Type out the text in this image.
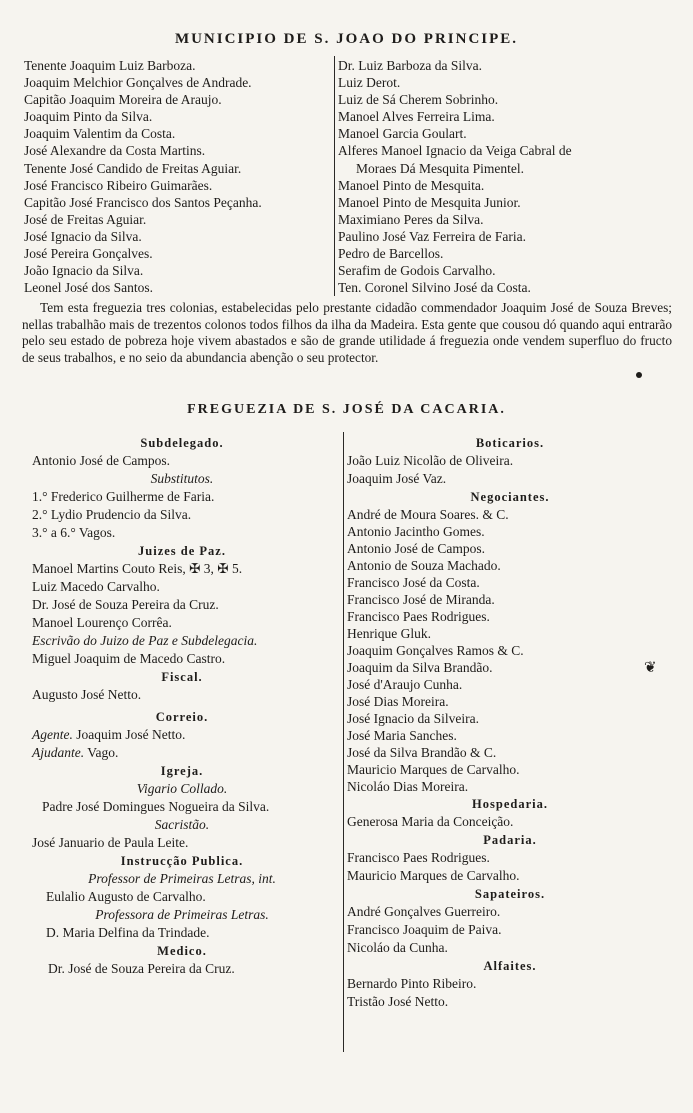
MUNICIPIO DE S. JOAO DO PRINCIPE.
Tenente Joaquim Luiz Barboza.
Joaquim Melchior Gonçalves de Andrade.
Capitão Joaquim Moreira de Araujo.
Joaquim Pinto da Silva.
Joaquim Valentim da Costa.
José Alexandre da Costa Martins.
Tenente José Candido de Freitas Aguiar.
José Francisco Ribeiro Guimarães.
Capitão José Francisco dos Santos Peçanha.
José de Freitas Aguiar.
José Ignacio da Silva.
José Pereira Gonçalves.
João Ignacio da Silva.
Leonel José dos Santos.
Dr. Luiz Barboza da Silva.
Luiz Derot.
Luiz de Sá Cherem Sobrinho.
Manoel Alves Ferreira Lima.
Manoel Garcia Goulart.
Alferes Manoel Ignacio da Veiga Cabral de
Moraes Dá Mesquita Pimentel.
Manoel Pinto de Mesquita.
Manoel Pinto de Mesquita Junior.
Maximiano Peres da Silva.
Paulino José Vaz Ferreira de Faria.
Pedro de Barcellos.
Serafim de Godois Carvalho.
Ten. Coronel Silvino José da Costa.

Tem esta freguezia tres colonias, estabelecidas pelo prestante cidadão commendador Joaquim José de Souza Breves; nellas trabalhão mais de trezentos colonos todos filhos da ilha da Madeira. Esta gente que cousou dó quando aqui entrarão pelo seu estado de pobreza hoje vivem abastados e são de grande utilidade á freguezia onde vendem superfluo do fructo de seus trabalhos, e no seio da abundancia abenção o seu protector.

FREGUEZIA DE S. JOSÉ DA CACARIA.
Subdelegado.
Antonio José de Campos.
Substitutos.
1.° Frederico Guilherme de Faria.
2.° Lydio Prudencio da Silva.
3.° a 6.° Vagos.
Juizes de Paz.
Manoel Martins Couto Reis, ✠ 3, ✠ 5.
Luiz Macedo Carvalho.
Dr. José de Souza Pereira da Cruz.
Manoel Lourenço Corrêa.
Escrivão do Juizo de Paz e Subdelegacia.
Miguel Joaquim de Macedo Castro.
Fiscal.
Augusto José Netto.
Correio.
Agente. Joaquim José Netto.
Ajudante. Vago.
Igreja.
Vigario Collado.
Padre José Domingues Nogueira da Silva.
Sacristão.
José Januario de Paula Leite.
Instrucção Publica.
Professor de Primeiras Letras, int.
Eulalio Augusto de Carvalho.
Professora de Primeiras Letras.
D. Maria Delfina da Trindade.
Medico.
Dr. José de Souza Pereira da Cruz.
Boticarios.
João Luiz Nicolão de Oliveira.
Joaquim José Vaz.
Negociantes.
André de Moura Soares. & C.
Antonio Jacintho Gomes.
Antonio José de Campos.
Antonio de Souza Machado.
Francisco José da Costa.
Francisco José de Miranda.
Francisco Paes Rodrigues.
Henrique Gluk.
Joaquim Gonçalves Ramos & C.
Joaquim da Silva Brandão.
José d'Araujo Cunha.
José Dias Moreira.
José Ignacio da Silveira.
José Maria Sanches.
José da Silva Brandão & C.
Mauricio Marques de Carvalho.
Nicoláo Dias Moreira.
Hospedaria.
Generosa Maria da Conceição.
Padaria.
Francisco Paes Rodrigues.
Mauricio Marques de Carvalho.
Sapateiros.
André Gonçalves Guerreiro.
Francisco Joaquim de Paiva.
Nicoláo da Cunha.
Alfaites.
Bernardo Pinto Ribeiro.
Tristão José Netto.
❦
